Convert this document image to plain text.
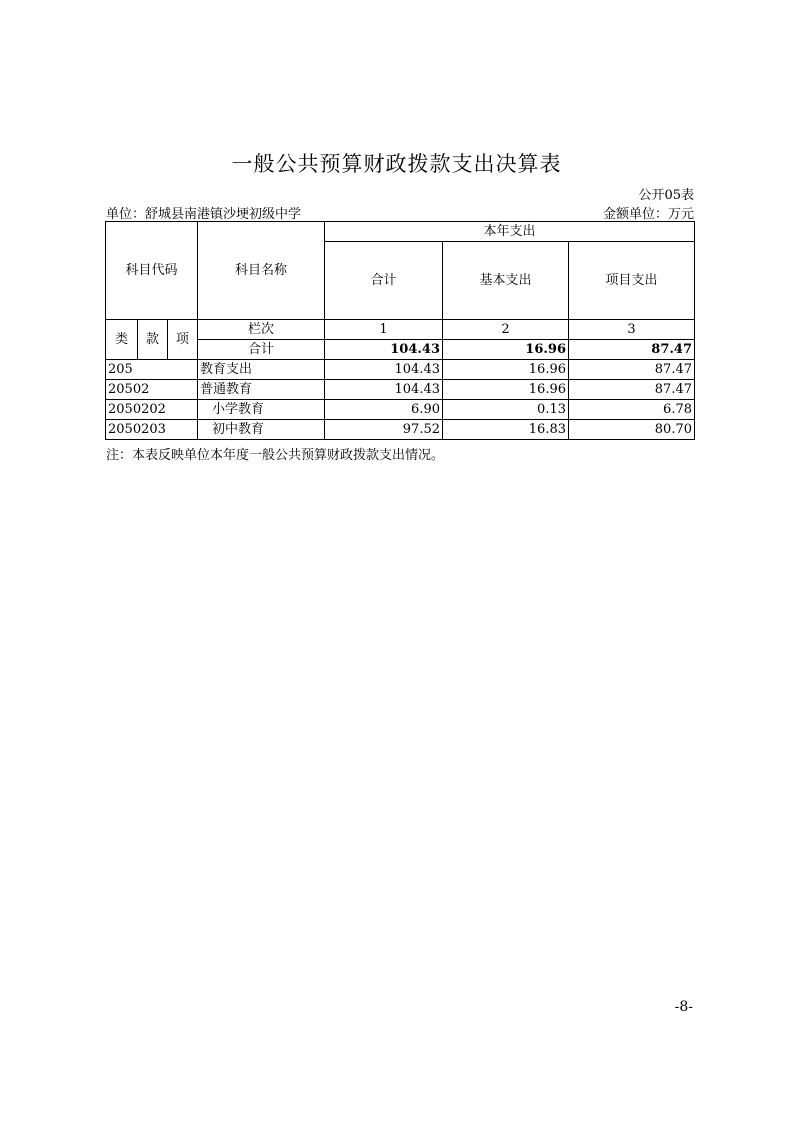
一般公共预算财政拨款支出决算表
公开05表
单位：舒城县南港镇沙埂初级中学	金额单位：万元
科目代码			科目名称	本年支出		
				合计	基本支出	项目支出
类	款	项	栏次	1	2	3
			合计	104.43	16.96	87.47
205			教育支出	104.43	16.96	87.47
20502			普通教育	104.43	16.96	87.47
2050202			小学教育	6.90	0.13	6.78
2050203			初中教育	97.52	16.83	80.70
注：本表反映单位本年度一般公共预算财政拨款支出情况。
-8-
